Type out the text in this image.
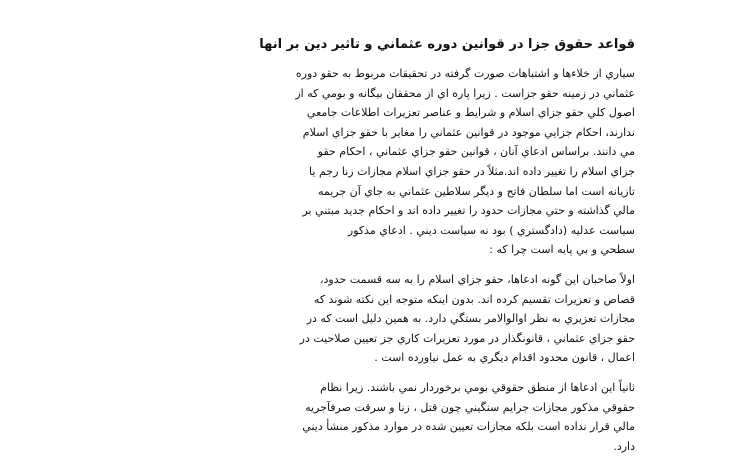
قواعد حقوق جزا در قوانين دوره عثماني و تاثير دين بر انها
سياري از خلاءها و اشتباهات صورت گرفته در تحقيقات مربوط به حقو دوره
عثماني در زمينه حقو جزاست . زيرا پاره اي از محققان بيگانه و بومي كه از
اصول كلي حقو جزاي اسلام و شرايط و عناصر تعزيرات اطلاعات جامعي
ندارند، احكام جزايي موجود در قوانين عثماني را مغاير با حقو جزاي اسلام
مي دانند. براساس ادعاي آنان ، قوانين حقو جزاي عثماني ، احكام حقو
جزاي اسلام را تغيير داده اند.مثلاً در حقو جزاي اسلام مجازات زنا رجم يا
تازيانه است اما سلطان فاتح و ديگر سلاطين عثماني به جاي آن جريمه
مالي گذاشته و حتي مجازات حدود را تغيير داده اند و احكام جديد مبتني بر
سياست عدليه (دادگستري ) بود نه سياست ديني . ادعاي مذكور
سطحي و بي پايه است چرا كه :
اولاً صاحبان اين گونه ادعاها، حقو جزاي اسلام را به سه قسمت حدود،
قصاص و تعزيرات تقسيم كرده اند. بدون اينكه متوجه اين نكته شوند كه
مجازات تعزيري به نظر اوالوالامر بستگي دارد. به همين دليل است كه در
حقو جزاي عثماني ، قانونگذار در مورد تعزيرات كاري جز تعيين صلاحيت در
اعمال ، قانون محدود اقدام ديگري به عمل نياورده است .
ثانياً اين ادعاها از منطق حقوقي بومي برخوردار نمي باشند. زيرا نظام
حقوقي مذكور مجازات جرايم سنگيني چون قتل ، زنا و سرقت صرفآجريه
مالي قرار نداده است بلكه مجازات تعيين شده در موارد مذكور منشأ ديني
دارد.
